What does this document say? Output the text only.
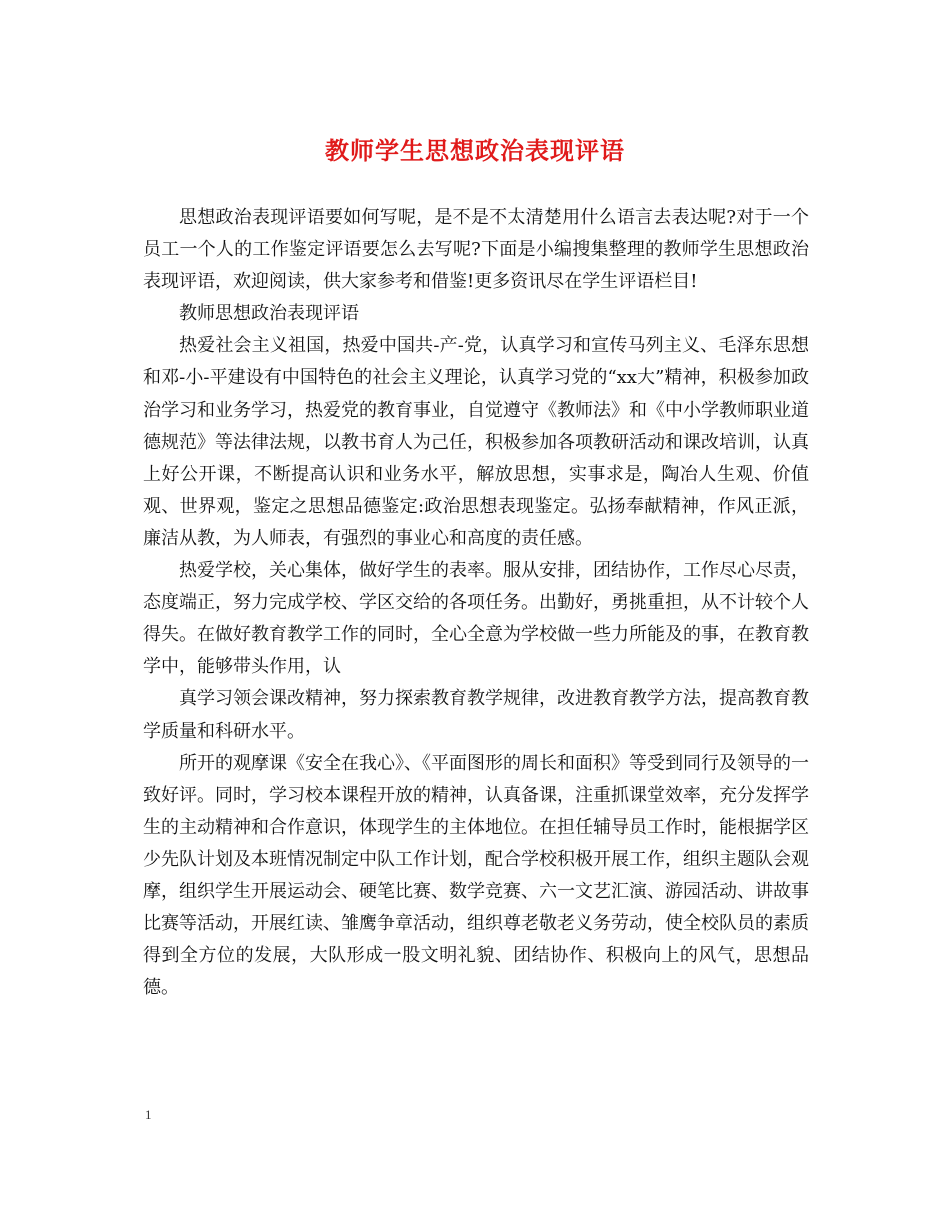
教师学生思想政治表现评语

思想政治表现评语要如何写呢，是不是不太清楚用什么语言去表达呢?对于一个员工一个人的工作鉴定评语要怎么去写呢?下面是小编搜集整理的教师学生思想政治表现评语，欢迎阅读，供大家参考和借鉴!更多资讯尽在学生评语栏目!

教师思想政治表现评语

热爱社会主义祖国，热爱中国共-产-党，认真学习和宣传马列主义、毛泽东思想和邓-小-平建设有中国特色的社会主义理论，认真学习党的“xx大”精神，积极参加政治学习和业务学习，热爱党的教育事业，自觉遵守《教师法》和《中小学教师职业道德规范》等法律法规，以教书育人为己任，积极参加各项教研活动和课改培训，认真上好公开课，不断提高认识和业务水平，解放思想，实事求是，陶冶人生观、价值观、世界观，鉴定之思想品德鉴定:政治思想表现鉴定。弘扬奉献精神，作风正派，廉洁从教，为人师表，有强烈的事业心和高度的责任感。

热爱学校，关心集体，做好学生的表率。服从安排，团结协作，工作尽心尽责，态度端正，努力完成学校、学区交给的各项任务。出勤好，勇挑重担，从不计较个人得失。在做好教育教学工作的同时，全心全意为学校做一些力所能及的事，在教育教学中，能够带头作用，认

真学习领会课改精神，努力探索教育教学规律，改进教育教学方法，提高教育教学质量和科研水平。

所开的观摩课《安全在我心》、《平面图形的周长和面积》等受到同行及领导的一致好评。同时，学习校本课程开放的精神，认真备课，注重抓课堂效率，充分发挥学生的主动精神和合作意识，体现学生的主体地位。在担任辅导员工作时，能根据学区少先队计划及本班情况制定中队工作计划，配合学校积极开展工作，组织主题队会观摩，组织学生开展运动会、硬笔比赛、数学竞赛、六一文艺汇演、游园活动、讲故事比赛等活动，开展红读、雏鹰争章活动，组织尊老敬老义务劳动，使全校队员的素质得到全方位的发展，大队形成一股文明礼貌、团结协作、积极向上的风气，思想品德。

1
